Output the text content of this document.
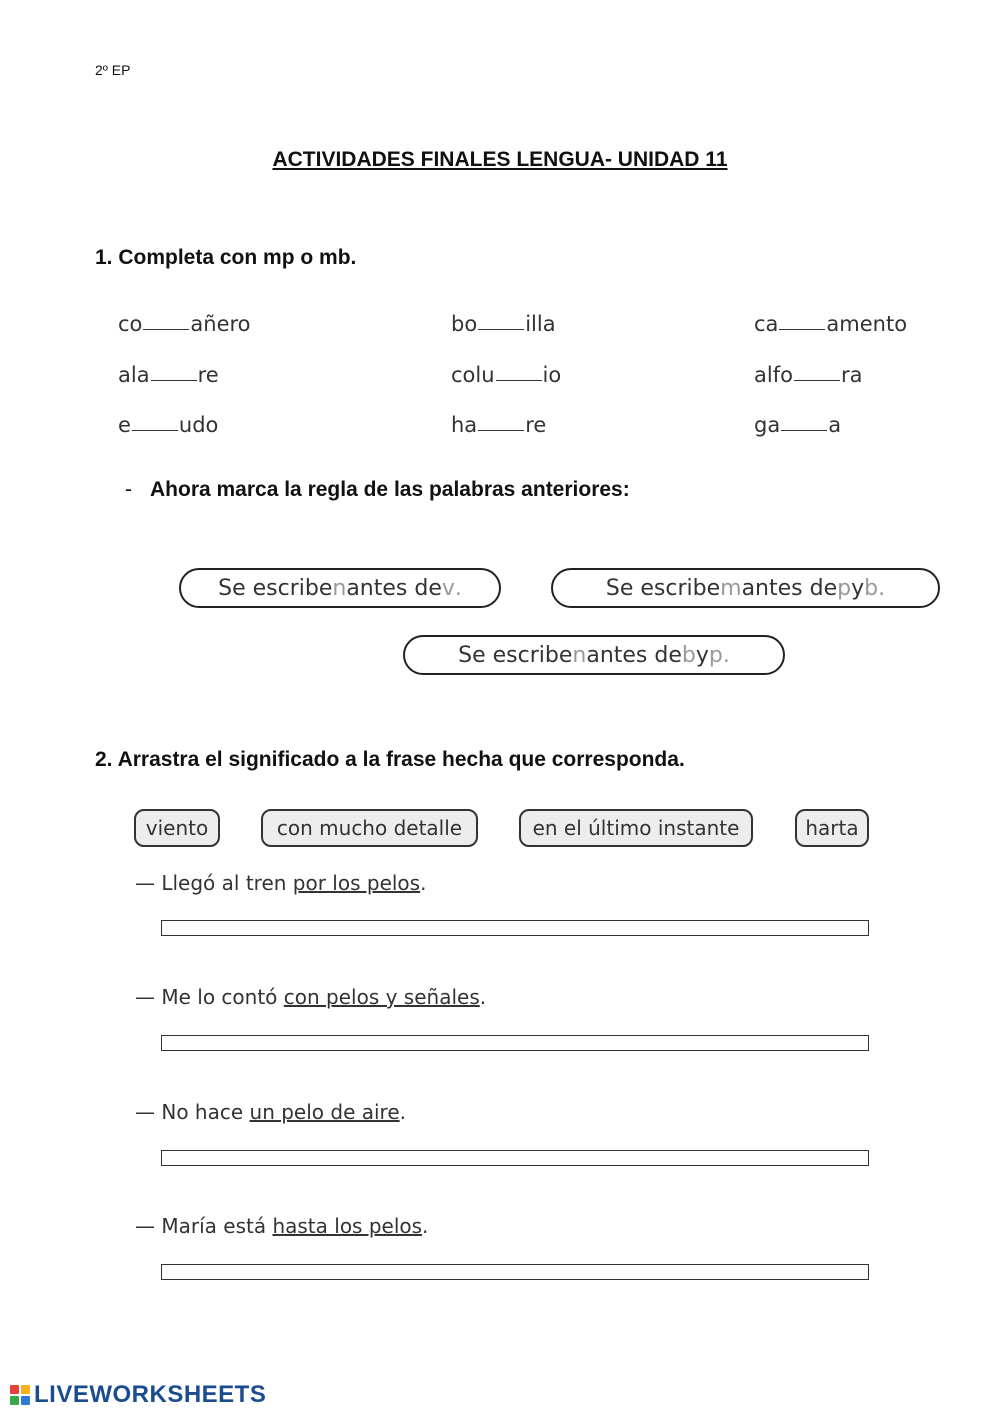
2º EP
ACTIVIDADES FINALES LENGUA- UNIDAD 11
1. Completa con mp o mb.
co añero	bo illa	ca amento
ala re	colu io	alfo ra
e udo	ha re	ga a
- Ahora marca la regla de las palabras anteriores:
Se escribe n antes de v .	Se escribe m antes de p y b .
Se escribe n antes de b y p .
2. Arrastra el significado a la frase hecha que corresponda.
viento	con mucho detalle	en el último instante	harta
— Llegó al tren por los pelos.
— Me lo contó con pelos y señales.
— No hace un pelo de aire.
— María está hasta los pelos.
LIVEWORKSHEETS
